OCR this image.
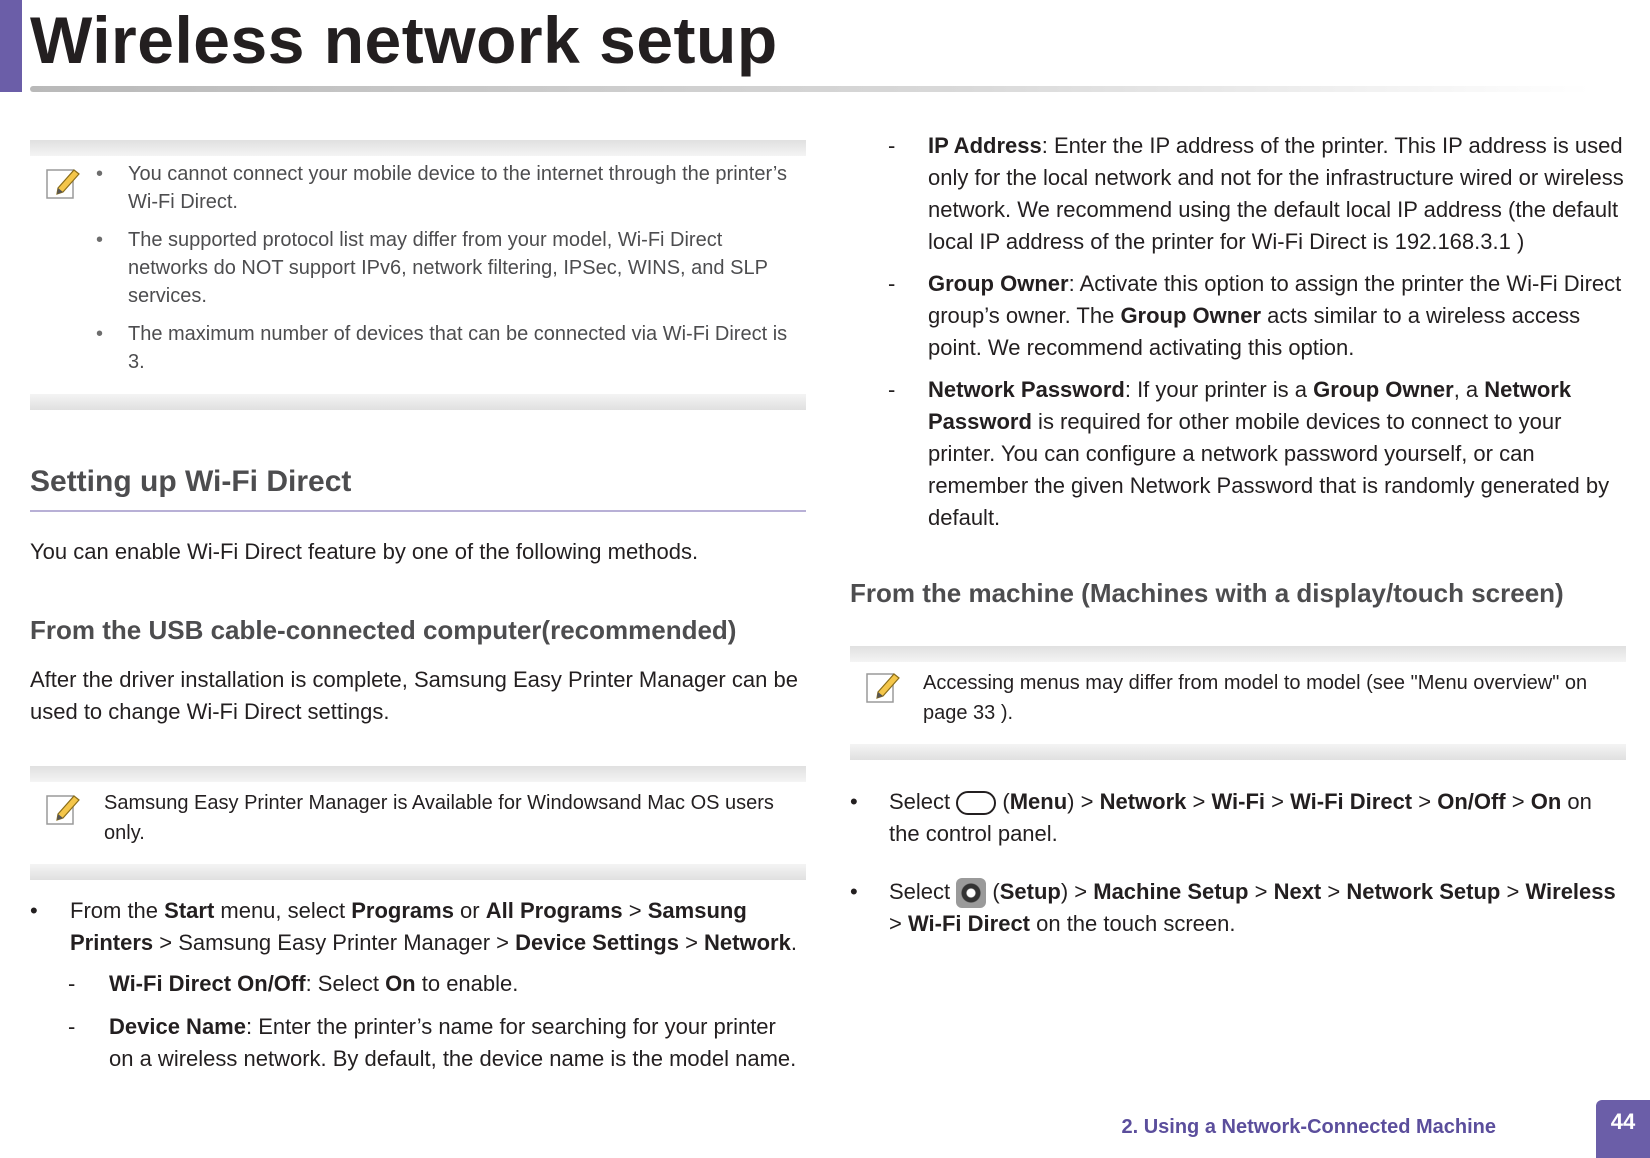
Wireless network setup
• You cannot connect your mobile device to the internet through the printer’s Wi-Fi Direct.
• The supported protocol list may differ from your model, Wi-Fi Direct networks do NOT support IPv6, network filtering, IPSec, WINS, and SLP services.
• The maximum number of devices that can be connected via Wi-Fi Direct is 3.
Setting up Wi-Fi Direct

You can enable Wi-Fi Direct feature by one of the following methods.

From the USB cable-connected computer(recommended)

After the driver installation is complete, Samsung Easy Printer Manager can be used to change Wi-Fi Direct settings.

Samsung Easy Printer Manager is Available for Windowsand Mac OS users only.
• From the Start menu, select Programs or All Programs > Samsung Printers > Samsung Easy Printer Manager > Device Settings > Network.

- Wi-Fi Direct On/Off: Select On to enable.

- Device Name: Enter the printer’s name for searching for your printer on a wireless network. By default, the device name is the model name.

- IP Address: Enter the IP address of the printer. This IP address is used only for the local network and not for the infrastructure wired or wireless network. We recommend using the default local IP address (the default local IP address of the printer for Wi-Fi Direct is 192.168.3.1 )

- Group Owner: Activate this option to assign the printer the Wi-Fi Direct group’s owner. The Group Owner acts similar to a wireless access point. We recommend activating this option.

- Network Password: If your printer is a Group Owner, a Network Password is required for other mobile devices to connect to your printer. You can configure a network password yourself, or can remember the given Network Password that is randomly generated by default.

From the machine (Machines with a display/touch screen)
Accessing menus may differ from model to model (see "Menu overview" on page 33 ).
• Select  (Menu) > Network > Wi-Fi > Wi-Fi Direct > On/Off > On on the control panel.

• Select  (Setup) > Machine Setup > Next > Network Setup > Wireless > Wi-Fi Direct on the touch screen.

2. Using a Network-Connected Machine	44
